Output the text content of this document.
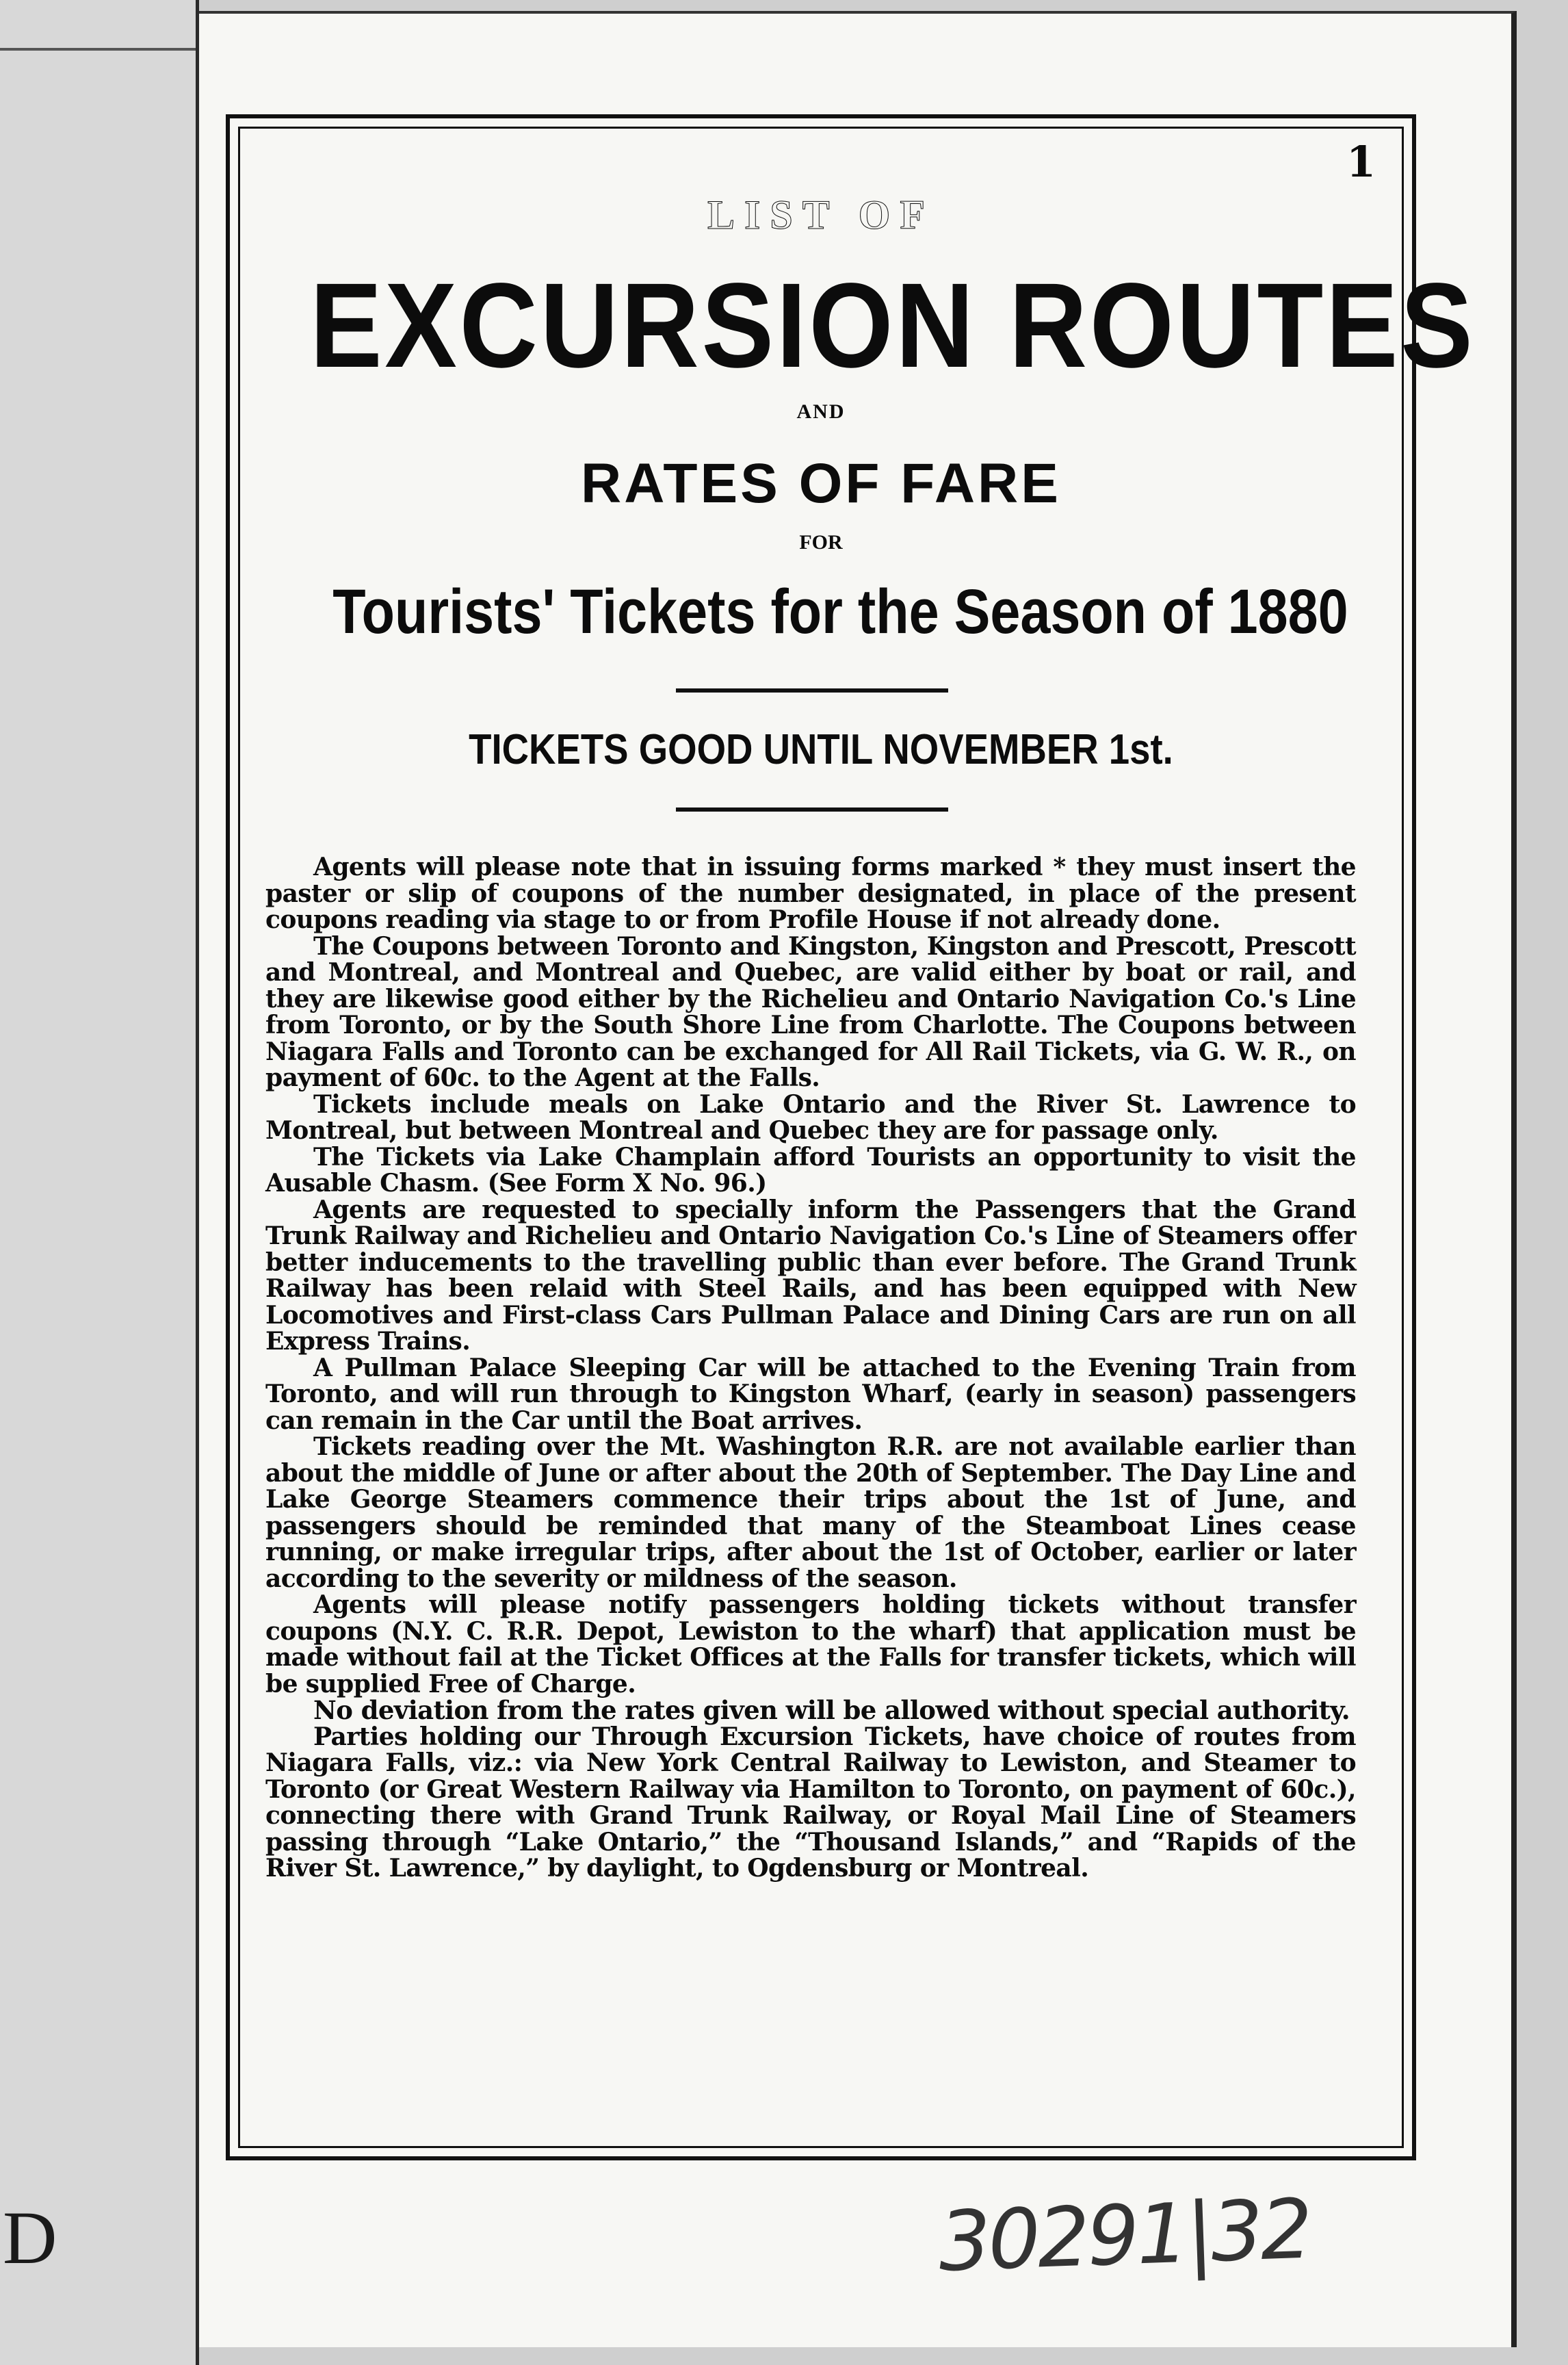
D
1
LIST OF
EXCURSION ROUTES
AND
RATES OF FARE
FOR
Tourists' Tickets for the Season of 1880
TICKETS GOOD UNTIL NOVEMBER 1st.

Agents will please note that in issuing forms marked * they must insert the paster or slip of coupons of the number designated, in place of the present coupons reading via stage to or from Profile House if not already done.

The Coupons between Toronto and Kingston, Kingston and Prescott, Prescott and Montreal, and Montreal and Quebec, are valid either by boat or rail, and they are likewise good either by the Richelieu and Ontario Navigation Co.'s Line from Toronto, or by the South Shore Line from Charlotte. The Coupons between Niagara Falls and Toronto can be exchanged for All Rail Tickets, via G. W. R., on payment of 60c. to the Agent at the Falls.

Tickets include meals on Lake Ontario and the River St. Lawrence to Montreal, but between Montreal and Quebec they are for passage only.

The Tickets via Lake Champlain afford Tourists an opportunity to visit the Ausable Chasm. (See Form X No. 96.)

Agents are requested to specially inform the Passengers that the Grand Trunk Railway and Richelieu and Ontario Navigation Co.'s Line of Steamers offer better inducements to the travelling public than ever before. The Grand Trunk Railway has been relaid with Steel Rails, and has been equipped with New Locomotives and First-class Cars Pullman Palace and Dining Cars are run on all Express Trains.

A Pullman Palace Sleeping Car will be attached to the Evening Train from Toronto, and will run through to Kingston Wharf, (early in season) passengers can remain in the Car until the Boat arrives.

Tickets reading over the Mt. Washington R.R. are not available earlier than about the middle of June or after about the 20th of September. The Day Line and Lake George Steamers commence their trips about the 1st of June, and passengers should be reminded that many of the Steamboat Lines cease running, or make irregular trips, after about the 1st of October, earlier or later according to the severity or mildness of the season.

Agents will please notify passengers holding tickets without transfer coupons (N.Y. C. R.R. Depot, Lewiston to the wharf) that application must be made without fail at the Ticket Offices at the Falls for transfer tickets, which will be supplied Free of Charge.

No deviation from the rates given will be allowed without special authority.

Parties holding our Through Excursion Tickets, have choice of routes from Niagara Falls, viz.: via New York Central Railway to Lewiston, and Steamer to Toronto (or Great Western Railway via Hamilton to Toronto, on payment of 60c.), connecting there with Grand Trunk Railway, or Royal Mail Line of Steamers passing through “Lake Ontario,” the “Thousand Islands,” and “Rapids of the River St. Lawrence,” by daylight, to Ogdensburg or Montreal.

30291|32
